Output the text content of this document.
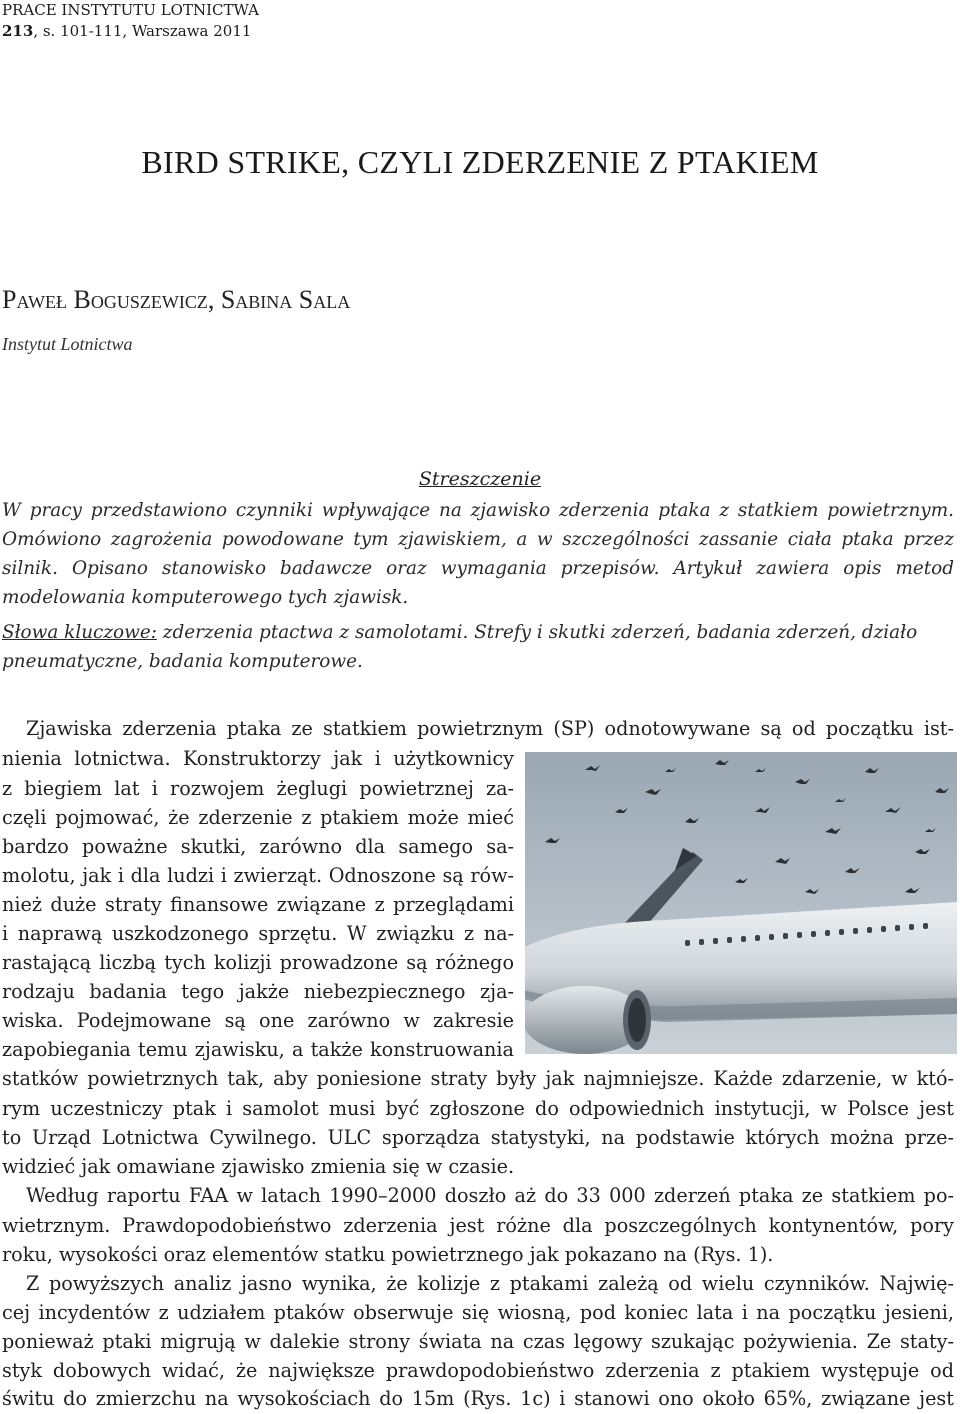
PRACE INSTYTUTU LOTNICTWA
213, s. 101-111, Warszawa 2011
BIRD STRIKE, CZYLI ZDERZENIE Z PTAKIEM
Paweł Boguszewicz, Sabina Sala
Instytut Lotnictwa
Streszczenie
W pracy przedstawiono czynniki wpływające na zjawisko zderzenia ptaka z statkiem powietrznym. Omówiono zagrożenia powodowane tym zjawiskiem, a w szczególności zassanie ciała ptaka przez silnik. Opisano stanowisko badawcze oraz wymagania przepisów. Artykuł zawiera opis metod modelowania komputerowego tych zjawisk.
Słowa kluczowe: zderzenia ptactwa z samolotami. Strefy i skutki zderzeń, badania zderzeń, działo pneumatyczne, badania komputerowe.
Zjawiska zderzenia ptaka ze statkiem powietrznym (SP) odnotowywane są od początku ist-
nienia lotnictwa. Konstruktorzy jak i użytkownicy
z biegiem lat i rozwojem żeglugi powietrznej za-
częli pojmować, że zderzenie z ptakiem może mieć
bardzo poważne skutki, zarówno dla samego sa-
molotu, jak i dla ludzi i zwierząt. Odnoszone są rów-
nież duże straty finansowe związane z przeglądami
i naprawą uszkodzonego sprzętu. W związku z na-
rastającą liczbą tych kolizji prowadzone są różnego
rodzaju badania tego jakże niebezpiecznego zja-
wiska. Podejmowane są one zarówno w zakresie
zapobiegania temu zjawisku, a także konstruowania
statków powietrznych tak, aby poniesione straty były jak najmniejsze. Każde zdarzenie, w któ-
rym uczestniczy ptak i samolot musi być zgłoszone do odpowiednich instytucji, w Polsce jest
to Urząd Lotnictwa Cywilnego. ULC sporządza statystyki, na podstawie których można prze-
widzieć jak omawiane zjawisko zmienia się w czasie.
Według raportu FAA w latach 1990–2000 doszło aż do 33 000 zderzeń ptaka ze statkiem po-
wietrznym. Prawdopodobieństwo zderzenia jest różne dla poszczególnych kontynentów, pory
roku, wysokości oraz elementów statku powietrznego jak pokazano na (Rys. 1).
Z powyższych analiz jasno wynika, że kolizje z ptakami zależą od wielu czynników. Najwię-
cej incydentów z udziałem ptaków obserwuje się wiosną, pod koniec lata i na początku jesieni,
ponieważ ptaki migrują w dalekie strony świata na czas lęgowy szukając pożywienia. Ze staty-
styk dobowych widać, że największe prawdopodobieństwo zderzenia z ptakiem występuje od
świtu do zmierzchu na wysokościach do 15m (Rys. 1c) i stanowi ono około 65%, związane jest
